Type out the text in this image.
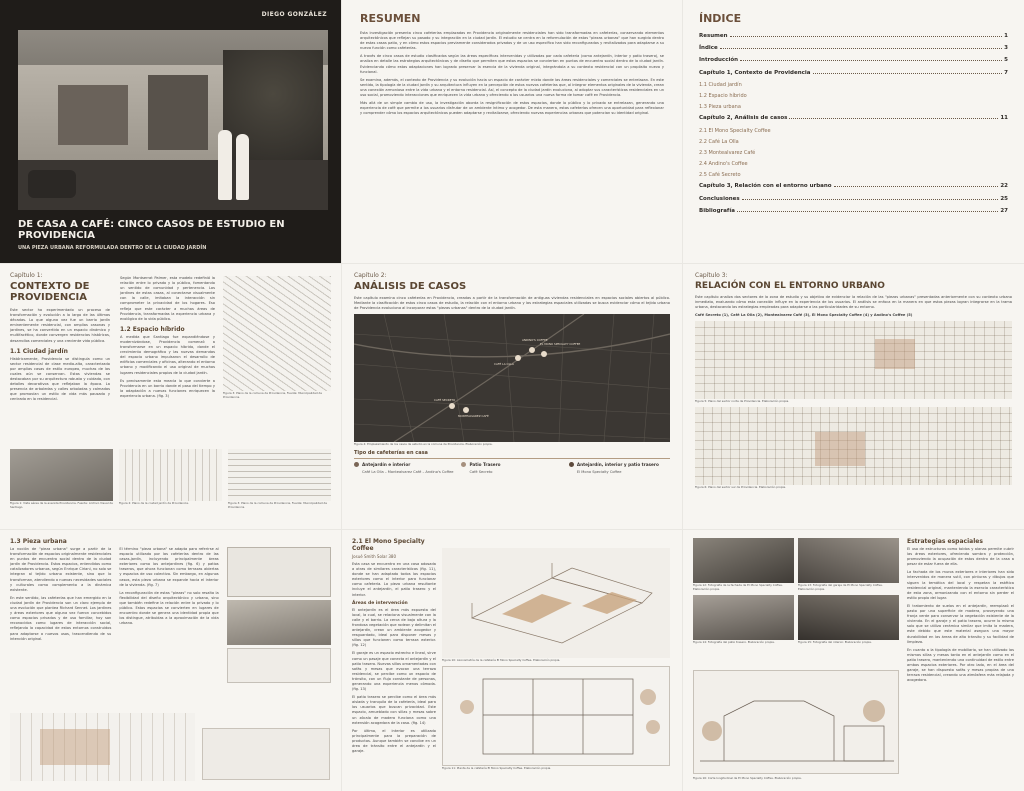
DIEGO GONZÁLEZ
DE CASA A CAFÉ: CINCO CASOS DE ESTUDIO EN PROVIDENCIA
UNA PIEZA URBANA REFORMULADA DENTRO DE LA CIUDAD JARDÍN
RESUMEN

Esta investigación presenta cinco cafeterías emplazadas en Providencia originalmente residenciales han sido transformadas en cafeterías, conservando elementos arquitectónicos que reflejan su pasado y su integración en la ciudad jardín. El estudio se centra en la reformulación de estas "piezas urbanas" que han surgido dentro de estas casas patio, y en cómo estos espacios previamente considerados privados y de un uso específico han sido reconfigurados y revitalizados para adaptarse a su nueva función como cafeterías.

A través de cinco casos de estudio clasificados según las áreas específicas intervenidas y utilizadas por cada cafetería (como antejardín, interior y patio trasero), se analiza en detalle las estrategias arquitectónicas y de diseño que permiten que estos espacios se conviertan en puntos de encuentro social dentro de la ciudad jardín. Evidenciando cómo estas adaptaciones han logrado preservar la esencia de la vivienda original, integrándola a su contexto residencial con un propósito nuevo y funcional.

Se examina, además, el contexto de Providencia y su evolución hacia un espacio de carácter mixto donde las áreas residenciales y comerciales se entrelazan. En este sentido, la tipología de la ciudad jardín y su arquitectura influyen en la percepción de estos nuevos cafeterías que, al integrar elementos originales de la vivienda, crean una conexión armoniosa entre la vida urbana y el entorno residencial. Así, el concepto de la ciudad jardín evoluciona, al adoptar sus características residenciales en un uso social, promoviendo interacciones que enriquecen la vida urbana y ofreciendo a los usuarios una nueva forma de tomar café en Providencia.

Más allá de un simple cambio de uso, la investigación aborda la resignificación de estos espacios, donde lo público y lo privado se entrelazan, generando una experiencia de café que permite a los usuarios disfrutar de un ambiente íntimo y acogedor. De esta manera, estas cafeterías ofrecen una oportunidad para reflexionar y comprender cómo los espacios arquitectónicos pueden adaptarse y revitalizarse, ofreciendo nuevas experiencias urbanas que potencian su identidad original.

ÍNDICE
Resumen	1
Índice	3
Introducción	5
Capítulo 1, Contexto de Providencia	7
1.1 Ciudad jardín
1.2 Espacio híbrido
1.3 Pieza urbana
Capítulo 2, Análisis de casos	11
2.1 El Mono Specialty Coffee
2.2 Café La Olla
2.3 Montealvarez Café
2.4 Andino's Coffee
2.5 Café Secreto
Capítulo 3, Relación con el entorno urbano	22
Conclusiones	25
Bibliografía	27
Capítulo 1:
CONTEXTO DE PROVIDENCIA

Este sector ha experimentado un proceso de transformación y evolución a lo largo de las últimas décadas. Lo que alguna vez fue un barrio jardín eminentemente residencial, con amplias casonas y jardines, se ha convertido en un espacio dinámico y multifacético, donde convergen residencias históricas, desarrollos comerciales y una creciente vida pública.

1.1 Ciudad jardín

Históricamente, Providencia se distinguía como un sector residencial de clase media-alta, caracterizado por amplias casas de estilo europeo, muchas de las cuales aún se conservan. Estas viviendas se destacaban por su arquitectura robusta y cuidada, con detalles decorativos que reflejaban la época. La presencia de arboledas y calles arboladas y calmadas que promovían un estilo de vida más pausado y centrado en lo residencial.

Según Montserrat Palmer, esta modelo redefinió la relación entre lo privado y lo público, fomentando un sentido de comunidad y pertenencia. Los jardines de estas casas, al conectarse visualmente con la calle, imitaban la interacción sin comprometer la privacidad de los hogares. Eso refleja que este carácter a muchas áreas de Providencia, transformadas la experiencia urbana y ecológica de la vida pública.

1.2 Espacio híbrido

A medida que Santiago fue expandiéndose y modernizándose, Providencia comenzó a transformarse en un espacio híbrido, donde el crecimiento demográfico y las nuevas demandas del espacio urbano impulsaron el desarrollo de edificios comerciales y oficinas, alterando el entorno urbano y modificando el uso original de muchos lugares residenciales propios de la ciudad jardín.

Es precisamente esta mezcla lo que convierte a Providencia en un barrio donde el paso del tiempo y la adaptación a nuevas funciones enriquecen la experiencia urbana. (fig. 3)

Figura 3: Plano de la comuna de Providencia, Fuente: Municipalidad de Providencia.
Figura 1: Vista aérea de la avenida Providencia. Fuente: Archivo Visual de Santiago.
Figura 2: Plano de la ciudad jardín de Providencia.	Figura 3: Plano de la comuna de Providencia, Fuente: Municipalidad de Providencia.
Capítulo 2:
ANÁLISIS DE CASOS

Este capítulo examina cinco cafeterías en Providencia, creadas a partir de la transformación de antiguas viviendas residenciales en espacios sociales abiertos al público. Mediante la clasificación de estos cinco casos de estudio, la relación con el entorno urbano y las estrategias espaciales utilizadas se busca evidenciar cómo el tejido urbano de Providencia evoluciona al incorporar estas "piezas urbanas" dentro de la ciudad jardín.

EL MONO SPECIALTY COFFEE
CAFÉ LA OLLA
ANDINO'S COFFEE
CAFÉ SECRETO
MONTEALVAREZ CAFÉ
Figura 4: Emplazamiento de los casos de estudio en la comuna de Providencia. Elaboración propia.
Tipo de cafeterías en casa
Antejardín e interior
Café La Olla – Montealvarez Café – Andino's Coffee
Patio Trasero
Café Secreto
Antejardín, interior y patio trasero
El Mono Specialty Coffee
Capítulo 3:
RELACIÓN CON EL ENTORNO URBANO

Este capítulo analiza dos sectores de la zona de estudio y su objetivo de evidenciar la relación de las "piezas urbanas" presentadas anteriormente con su contexto urbano inmediato, evaluando cómo esta conexión influye en la experiencia de los usuarios. El análisis se enfoca en la manera en que estos piezas logran integrarse en la trama urbana, destacando las estrategias empleadas para adaptarse a las particularidades de su entorno.

Café Secreto (1), Café La Olla (2), Montealvarez Café (3), El Mono Specialty Coffee (4) y Andino's Coffee (5)

Figura 5: Plano del sector norte de Providencia. Elaboración propia.
Figura 6: Plano del sector sur de Providencia. Elaboración propia.
1.3 Pieza urbana

La noción de "pieza urbana" surge a partir de la transformación de espacios originalmente residenciales en puntos de encuentro social dentro de la ciudad jardín de Providencia. Estos espacios, entendidos como catalizadores urbanos, según Enrique Ciriani, no solo se integran al tejido urbano existente, sino que lo transforman, atendiendo a nuevas necesidades sociales y culturales como complemento a la dinámica existente.

En este sentido, las cafeterías que han emergido en la ciudad jardín de Providencia son un claro ejemplo de una evolución que plantea Richard Sennet. Los jardines y áreas exteriores que alguna vez fueron concebidos como espacios privados y de uso familiar, hoy son reconocidos como lugares de interacción social, reflejando la capacidad de estos entornos construidos para adaptarse a nuevos usos, trascendiendo de su intención original.

El término "pieza urbana" se adapta para referirse al espacio utilizado por las cafeterías dentro de las casas-jardín, incluyendo principalmente áreas exteriores como los antejardines (fig. 6) y patios traseros, que ahora funcionan como terrazas abiertas y espacios de uso colectivo. Sin embargo, en algunos casos, esta pieza urbana se expande hacia el interior de la vivienda. (fig. 7)

La reconfiguración de estas "piezas" no solo resalta la flexibilidad del diseño arquitectónico y urbano, sino que también redefine la relación entre lo privado y lo público. Estos espacios se convierten en lugares de encuentro donde se genera una identidad propia que los distingue, atribuidas a la aproximación de la vida urbana.

2.1 El Mono Specialty Coffee
Josué Smith Solar 380

Esta casa se encuentra en una casa adosada a otras de similares características (fig. 11), donde se han adaptado todos los espacios exteriores como el interior para funcionar como cafetería. La pieza urbana resultante incluye el antejardín, el patio trasero y el interior.

Áreas de intervención

El antejardín es el área más expuesta del local, la cual, se relaciona visualmente con la calle y el barrio. La cerca de baja altura y la frondosa vegetación que rodean y delimitan el antejardín, crean un ambiente acogedor y resguardado, ideal para disponer mesas y sillas que funcionen como terraza exterior. (fig. 12)

El garaje es un espacio estrecho e lineal, sirve como un pasaje que conecta el antejardín y el patio trasero. Nuevas sillas ornamentadas con sofás y mesas que evocan una terraza residencial, se percibe como un espacio de tránsito, con un flujo constante de personas, generando una experiencia menos cómoda. (fig. 13)

El patio trasero se percibe como el área más aislada y tranquila de la cafetería, ideal para los usuarios que buscan privacidad. Este espacio, amueblado con sillas y mesas sobre un zócalo de madera funciona como una extensión acogedora de la casa. (fig. 14)

Por último, el interior es utilizado principalmente para la preparación de productos. Aunque también se concibe en un área de tránsito entre el antejardín y el garaje.

Figura 10: Axonometría de la cafetería El Mono Specialty Coffee. Elaboración propia.
Figura 11: Planta de la cafetería El Mono Specialty Coffee. Elaboración propia.
Figura 12: Fotografía de la fachada de El Mono Specialty Coffee. Elaboración propia.
Figura 13: Fotografía del garaje de El Mono Specialty Coffee. Elaboración propia.
Figura 14: Fotografía del patio trasero. Elaboración propia.	Figura 15: Fotografía del interior. Elaboración propia.
Figura 16: Corte longitudinal de El Mono Specialty Coffee. Elaboración propia.
Estrategias espaciales

El uso de estructuras como toldos y alanas permite cubrir las áreas exteriores, ofreciendo sombra y protección, promoviendo la ocupación de estos dentro de la casa a pesar de estar fuera de ella.

La fachada de los muros exteriores e interiores han sido intervenidos de manera sutil, con pinturas y dibujos que siguen la temática del local y respetan la estética residencial original, manteniendo la esencia característica de esta zona, armonizando con el entorno sin perder el estilo propio del lugar.

El tratamiento de suelos en el antejardín, reemplazó el pasto por una superficie de madera, proveyendo una franja verde para conservar la vegetación existente de la vivienda. En el garaje y el patio trasero, ocurre lo mismo solo que se utiliza cerámica similar que imita la madera, este debido que este material asegura una mayor durabilidad en las áreas de alto tránsito y su facilidad de limpieza.

En cuanto a la tipología de mobiliario, se han utilizado las mismas sillas y mesas tanto en el antejardín como en el patio trasero, manteniendo una continuidad de estilo entre ambos espacios exteriores. Por otro lado, en el área del garaje, se han dispuesto sofás y mesas propias de una terraza residencial, creando una atmósfera más relajada y acogedora.
